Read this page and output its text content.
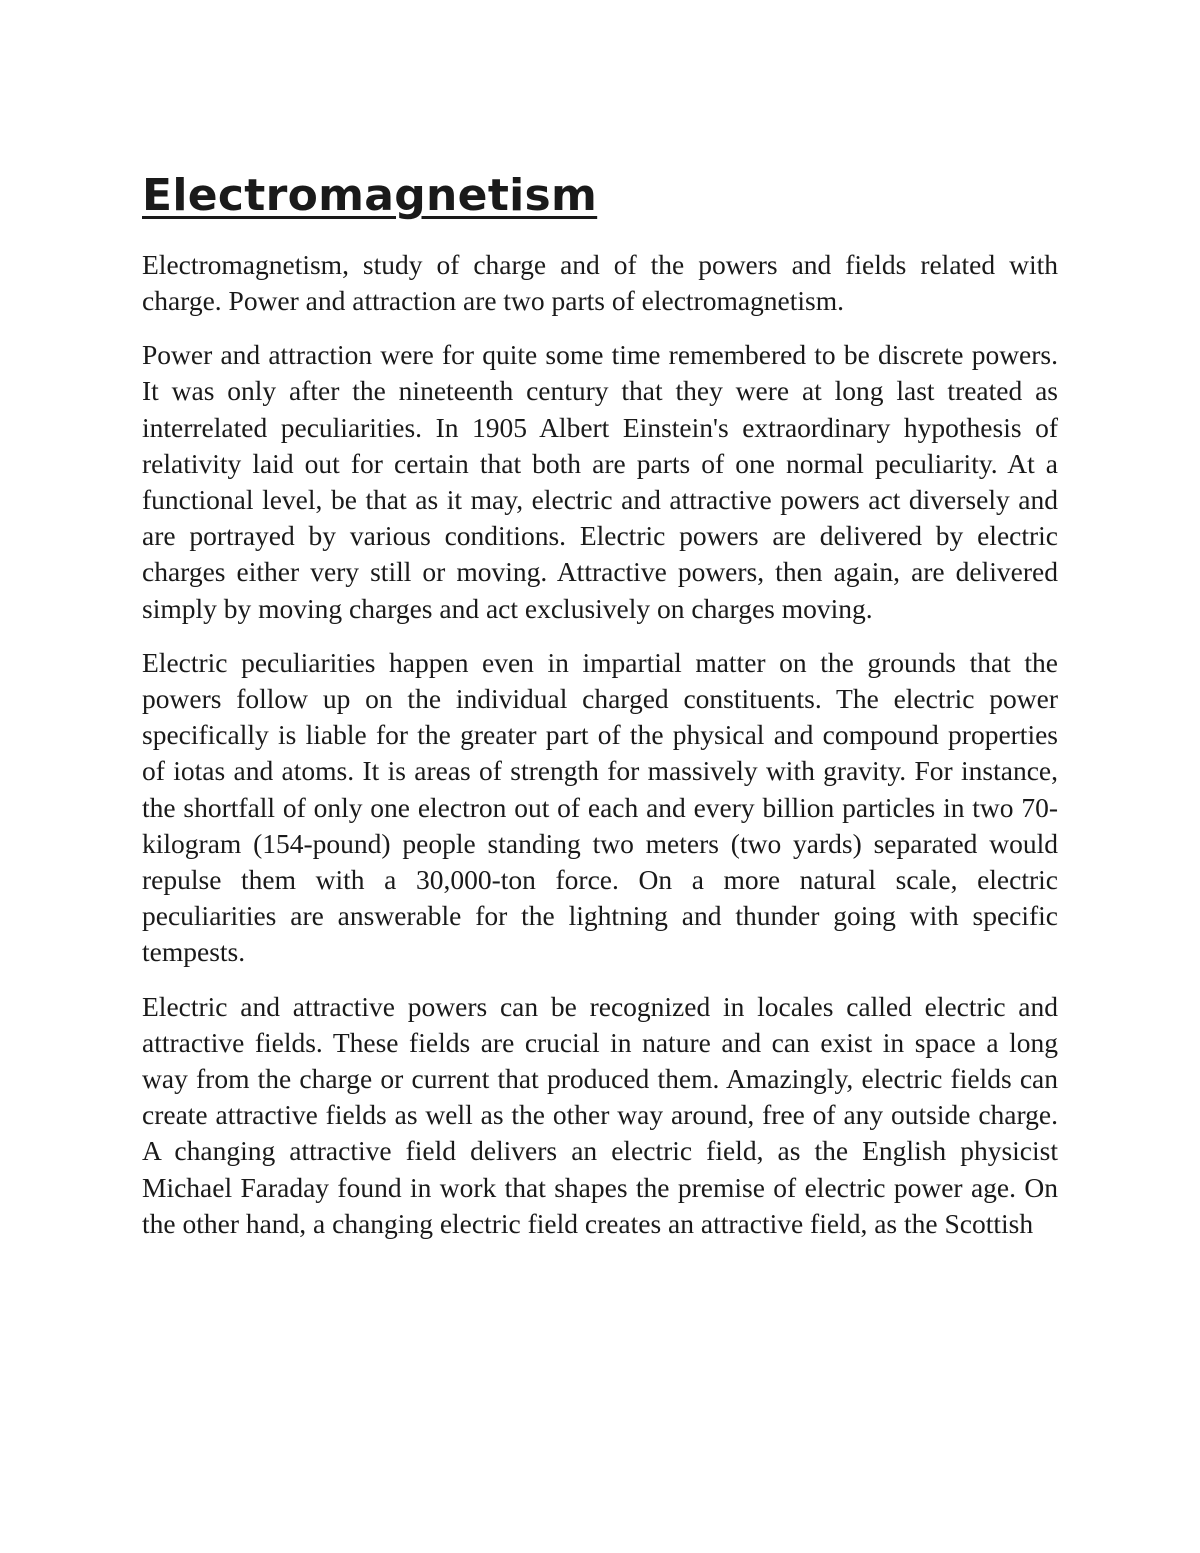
Electromagnetism

Electromagnetism, study of charge and of the powers and fields related with charge. Power and attraction are two parts of electromagnetism.

Power and attraction were for quite some time remembered to be discrete powers. It was only after the nineteenth century that they were at long last treated as interrelated peculiarities. In 1905 Albert Einstein's extraordinary hypothesis of relativity laid out for certain that both are parts of one normal peculiarity. At a functional level, be that as it may, electric and attractive powers act diversely and are portrayed by various conditions. Electric powers are delivered by electric charges either very still or moving. Attractive powers, then again, are delivered simply by moving charges and act exclusively on charges moving.

Electric peculiarities happen even in impartial matter on the grounds that the powers follow up on the individual charged constituents. The electric power specifically is liable for the greater part of the physical and compound properties of iotas and atoms. It is areas of strength for massively with gravity. For instance, the shortfall of only one electron out of each and every billion particles in two 70-kilogram (154-pound) people standing two meters (two yards) separated would repulse them with a 30,000-ton force. On a more natural scale, electric peculiarities are answerable for the lightning and thunder going with specific tempests.

Electric and attractive powers can be recognized in locales called electric and attractive fields. These fields are crucial in nature and can exist in space a long way from the charge or current that produced them. Amazingly, electric fields can create attractive fields as well as the other way around, free of any outside charge. A changing attractive field delivers an electric field, as the English physicist Michael Faraday found in work that shapes the premise of electric power age. On the other hand, a changing electric field creates an attractive field, as the Scottish
